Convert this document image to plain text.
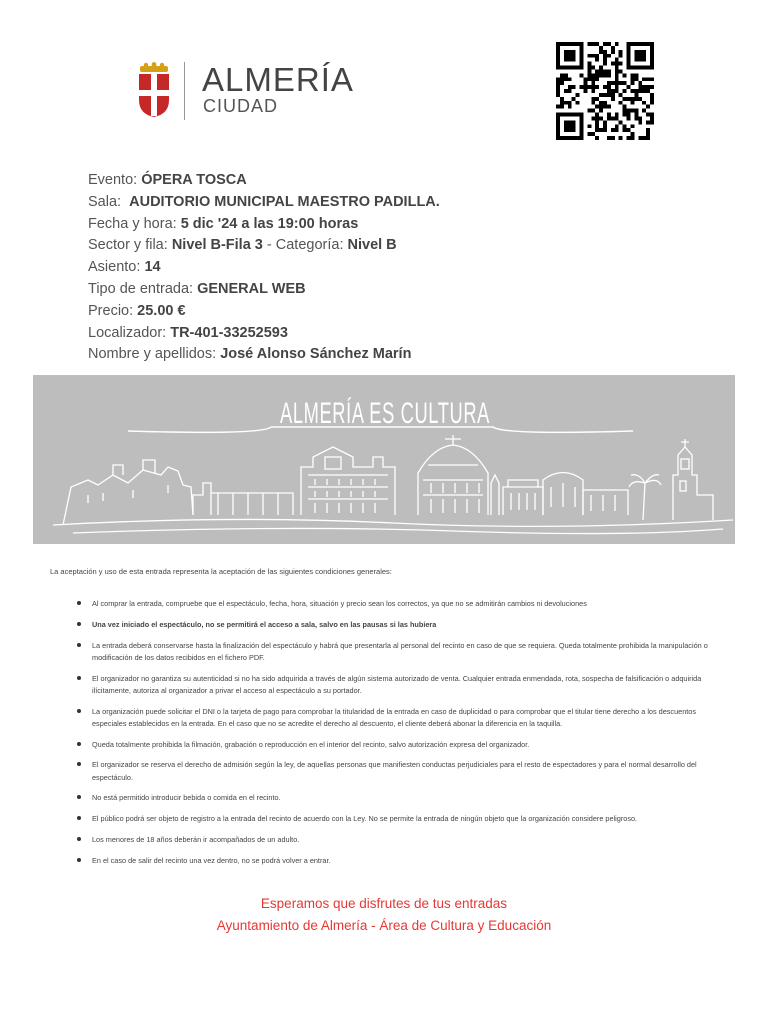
ALMERÍA
CIUDAD
Evento: ÓPERA TOSCA
Sala: AUDITORIO MUNICIPAL MAESTRO PADILLA.
Fecha y hora: 5 dic '24 a las 19:00 horas
Sector y fila: Nivel B-Fila 3 - Categoría: Nivel B
Asiento: 14
Tipo de entrada: GENERAL WEB
Precio: 25.00 €
Localizador: TR-401-33252593
Nombre y apellidos: José Alonso Sánchez Marín
ALMERÍA ES CULTURA
La aceptación y uso de esta entrada representa la aceptación de las siguientes condiciones generales:
Al comprar la entrada, compruebe que el espectáculo, fecha, hora, situación y precio sean los correctos, ya que no se admitirán cambios ni devoluciones
Una vez iniciado el espectáculo, no se permitirá el acceso a sala, salvo en las pausas si las hubiera
La entrada deberá conservarse hasta la finalización del espectáculo y habrá que presentarla al personal del recinto en caso de que se requiera. Queda totalmente prohibida la manipulación o modificación de los datos recibidos en el fichero PDF.
El organizador no garantiza su autenticidad si no ha sido adquirida a través de algún sistema autorizado de venta. Cualquier entrada enmendada, rota, sospecha de falsificación o adquirida ilícitamente, autoriza al organizador a privar el acceso al espectáculo a su portador.
La organización puede solicitar el DNI o la tarjeta de pago para comprobar la titularidad de la entrada en caso de duplicidad o para comprobar que el titular tiene derecho a los descuentos especiales establecidos en la entrada. En el caso que no se acredite el derecho al descuento, el cliente deberá abonar la diferencia en la taquilla.
Queda totalmente prohibida la filmación, grabación o reproducción en el interior del recinto, salvo autorización expresa del organizador.
El organizador se reserva el derecho de admisión según la ley, de aquellas personas que manifiesten conductas perjudiciales para el resto de espectadores y para el normal desarrollo del espectáculo.
No está permitido introducir bebida o comida en el recinto.
El público podrá ser objeto de registro a la entrada del recinto de acuerdo con la Ley. No se permite la entrada de ningún objeto que la organización considere peligroso.
Los menores de 18 años deberán ir acompañados de un adulto.
En el caso de salir del recinto una vez dentro, no se podrá volver a entrar.
Esperamos que disfrutes de tus entradas
Ayuntamiento de Almería - Área de Cultura y Educación
